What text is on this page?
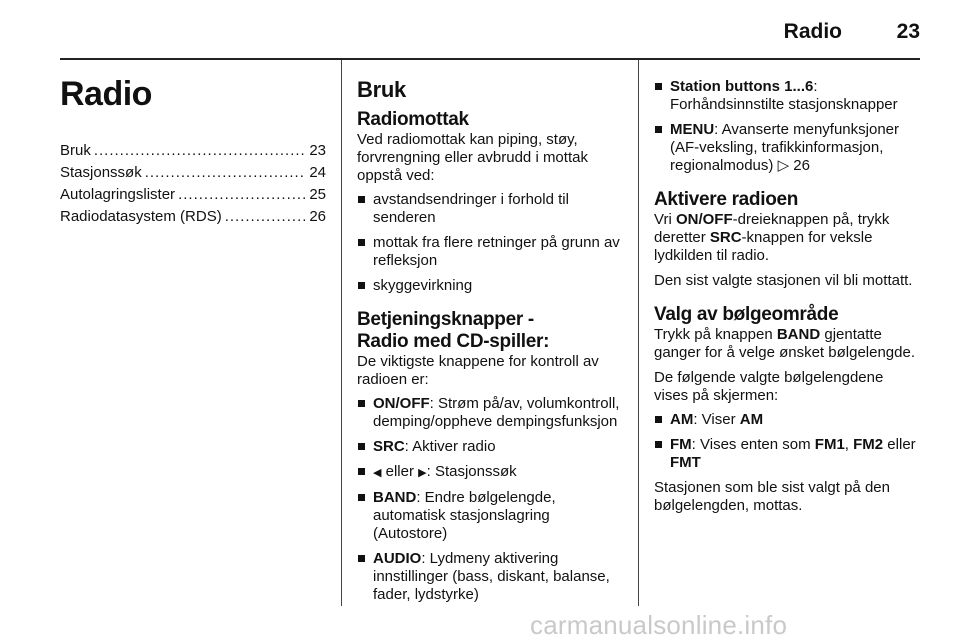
Radio	23
Radio
Bruk .....	23
Stasjonssøk .....	24
Autolagringslister .....	25
Radiodatasystem (RDS) .....	26
Bruk
Radiomottak

Ved radiomottak kan piping, støy, forvrengning eller avbrudd i mottak oppstå ved:

avstandsendringer i forhold til senderen
mottak fra flere retninger på grunn av refleksjon
skyggevirkning
Betjeningsknapper -
Radio med CD-spiller:

De viktigste knappene for kontroll av radioen er:

ON/OFF: Strøm på/av, volumkontroll, demping/oppheve dempingsfunksjon
SRC: Aktiver radio
◀ eller ▶: Stasjonssøk
BAND: Endre bølgelengde, automatisk stasjonslagring (Autostore)
AUDIO: Lydmeny aktivering innstillinger (bass, diskant, balanse, fader, lydstyrke)
Station buttons 1...6: Forhåndsinnstilte stasjonsknapper
MENU: Avanserte menyfunksjoner (AF-veksling, trafikkinformasjon, regionalmodus) ▷ 26
Aktivere radioen

Vri ON/OFF-dreieknappen på, trykk deretter SRC-knappen for veksle lydkilden til radio.

Den sist valgte stasjonen vil bli mottatt.

Valg av bølgeområde

Trykk på knappen BAND gjentatte ganger for å velge ønsket bølgelengde.

De følgende valgte bølgelengdene vises på skjermen:

AM: Viser AM
FM: Vises enten som FM1, FM2 eller FMT

Stasjonen som ble sist valgt på den bølgelengden, mottas.

carmanualsonline.info
